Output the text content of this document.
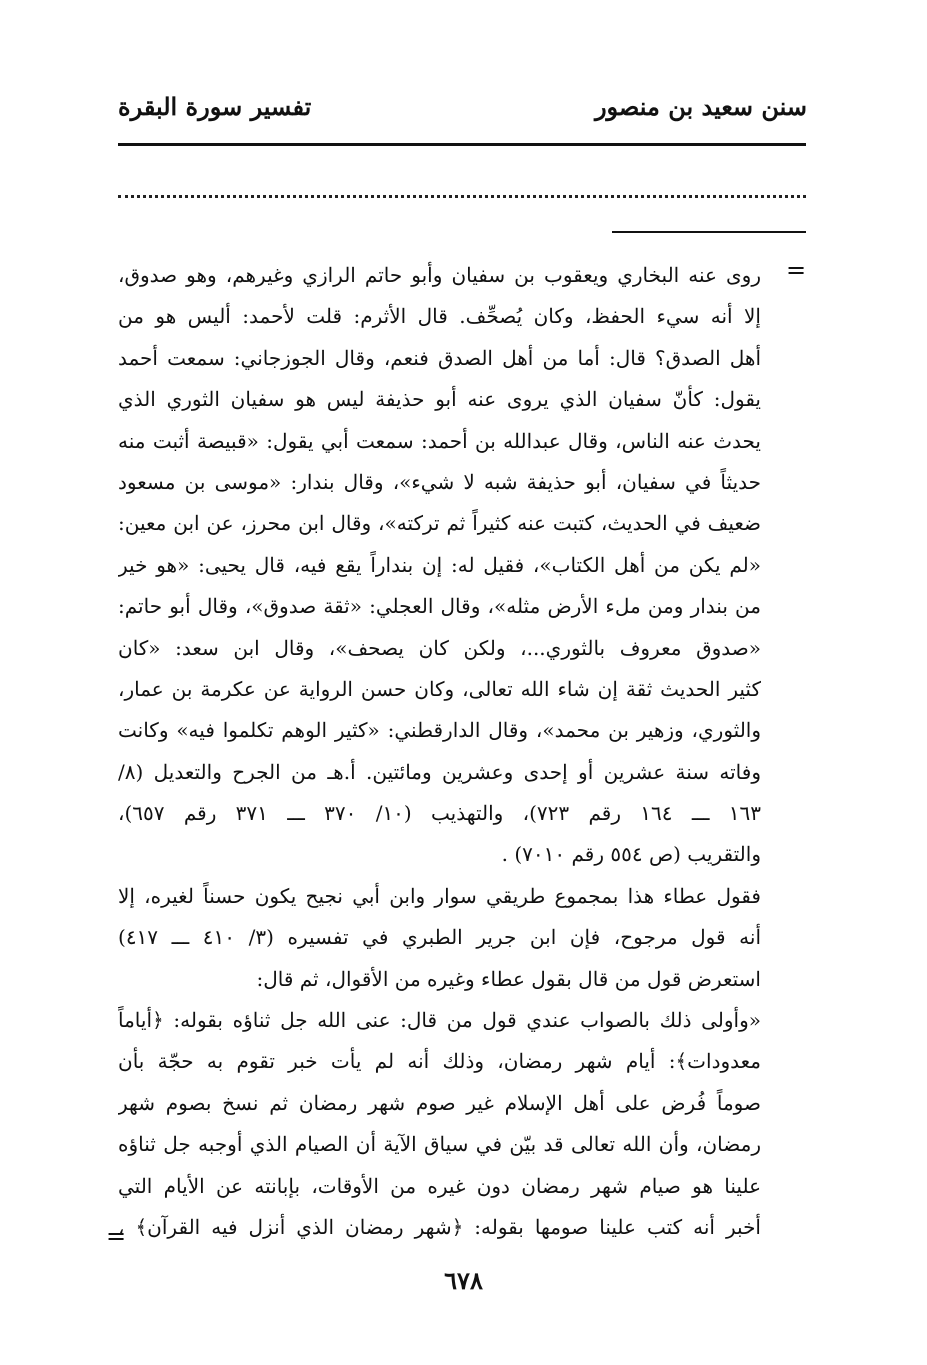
سنن سعيد بن منصور
تفسير سورة البقرة
=
روى عنه البخاري ويعقوب بن سفيان وأبو حاتم الرازي وغيرهم، وهو صدوق،
إلا أنه سيء الحفظ، وكان يُصحِّف. قال الأثرم: قلت لأحمد: أليس هو من
أهل الصدق؟ قال: أما من أهل الصدق فنعم، وقال الجوزجاني: سمعت أحمد
يقول: كأنّ سفيان الذي يروى عنه أبو حذيفة ليس هو سفيان الثوري الذي
يحدث عنه الناس، وقال عبدالله بن أحمد: سمعت أبي يقول: «قبيصة أثبت منه
حديثاً في سفيان، أبو حذيفة شبه لا شيء»، وقال بندار: «موسى بن مسعود
ضعيف في الحديث، كتبت عنه كثيراً ثم تركته»، وقال ابن محرز، عن ابن معين:
«لم يكن من أهل الكتاب»، فقيل له: إن بنداراً يقع فيه، قال يحيى: «هو خير
من بندار ومن ملء الأرض مثله»، وقال العجلي: «ثقة صدوق»، وقال أبو حاتم:
«صدوق معروف بالثوري...، ولكن كان يصحف»، وقال ابن سعد: «كان
كثير الحديث ثقة إن شاء الله تعالى، وكان حسن الرواية عن عكرمة بن عمار،
والثوري، وزهير بن محمد»، وقال الدارقطني: «كثير الوهم تكلموا فيه» وكانت
وفاته سنة عشرين أو إحدى وعشرين ومائتين. أ.هـ من الجرح والتعديل (٨/
١٦٣ ـــ ١٦٤ رقم ٧٢٣)، والتهذيب (١٠/ ٣٧٠ ـــ ٣٧١ رقم ٦٥٧)،
والتقريب (ص ٥٥٤ رقم ٧٠١٠) .
فقول عطاء هذا بمجموع طريقي سوار وابن أبي نجيح يكون حسناً لغيره، إلا
أنه قول مرجوح، فإن ابن جرير الطبري في تفسيره (٣/ ٤١٠ ـــ ٤١٧)
استعرض قول من قال بقول عطاء وغيره من الأقوال، ثم قال:
«وأولى ذلك بالصواب عندي قول من قال: عنى الله جل ثناؤه بقوله: ﴿أياماً
معدودات﴾: أيام شهر رمضان، وذلك أنه لم يأت خبر تقوم به حجّة بأن
صوماً فُرض على أهل الإسلام غير صوم شهر رمضان ثم نسخ بصوم شهر
رمضان، وأن الله تعالى قد بيّن في سياق الآية أن الصيام الذي أوجبه جل ثناؤه
علينا هو صيام شهر رمضان دون غيره من الأوقات، بإبانته عن الأيام التي
أخبر أنه كتب علينا صومها بقوله: ﴿شهر رمضان الذي أنزل فيه القرآن﴾ ،
=
٦٧٨
